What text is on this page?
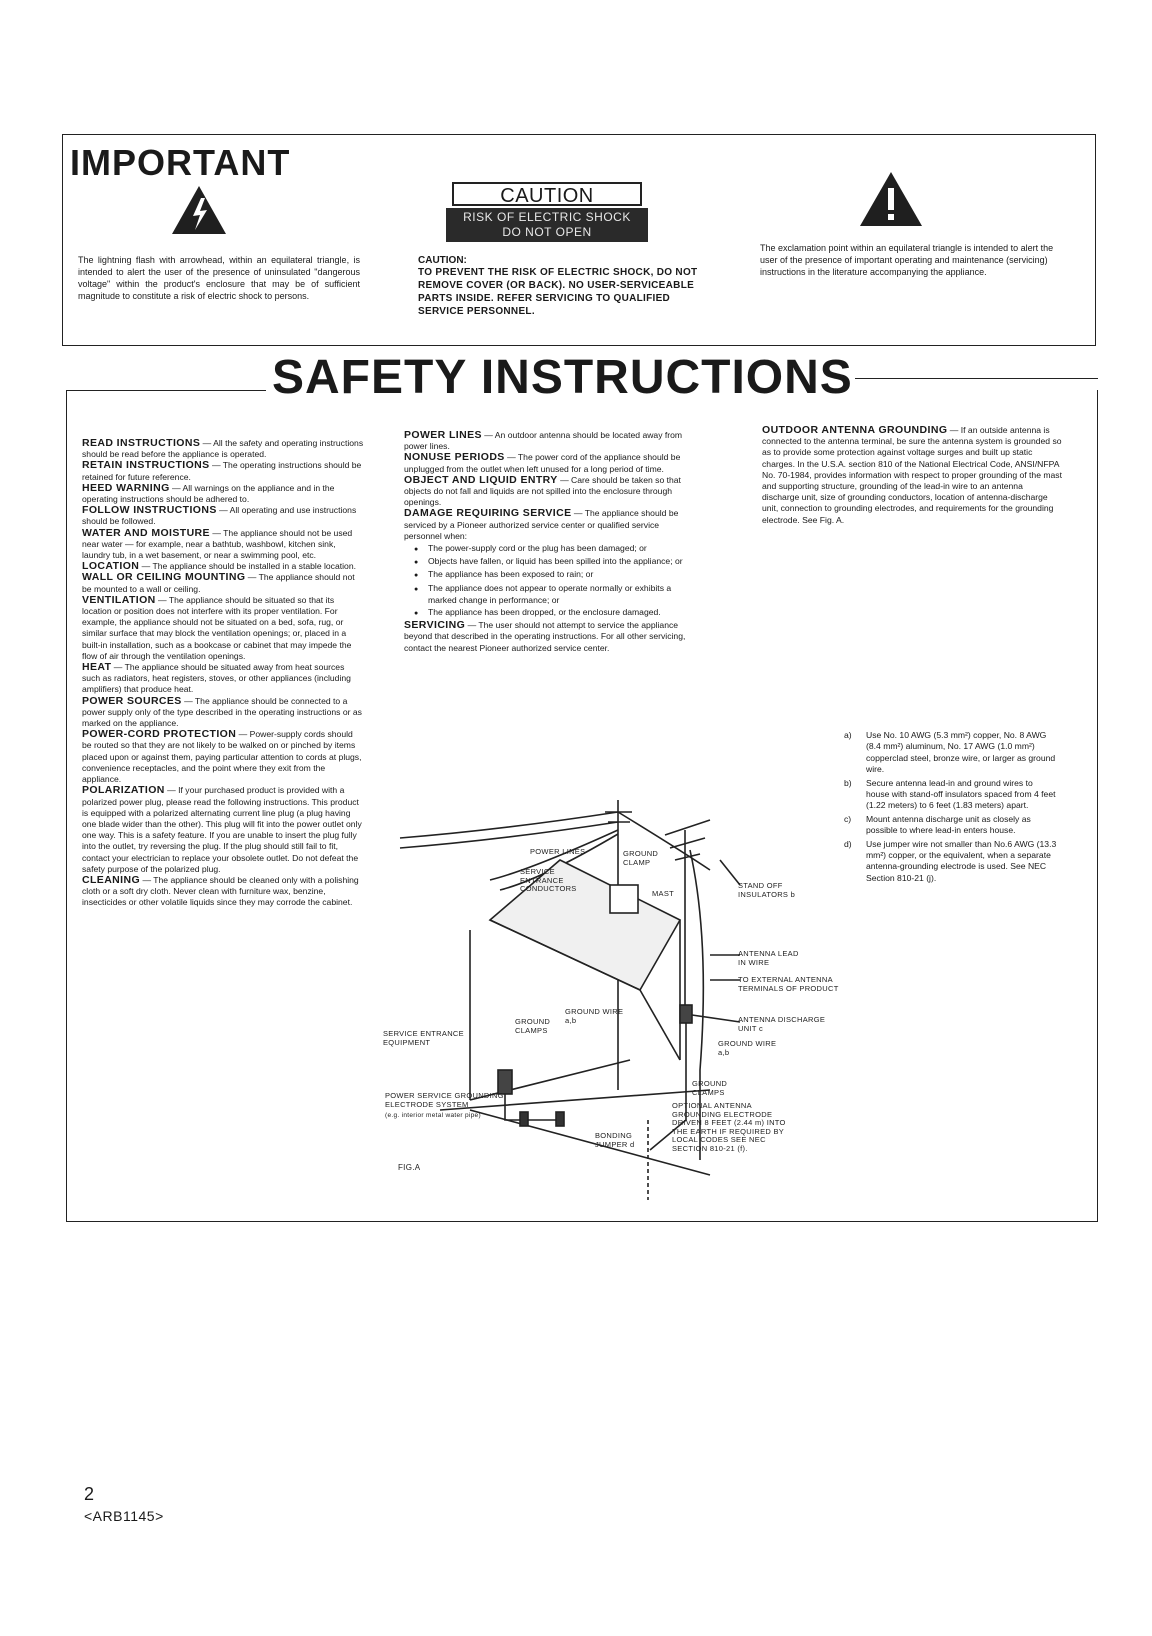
IMPORTANT
The lightning flash with arrowhead, within an equilateral triangle, is intended to alert the user of the presence of uninsulated "dangerous voltage" within the product's enclosure that may be of sufficient magnitude to constitute a risk of electric shock to persons.
CAUTION
RISK OF ELECTRIC SHOCK
DO NOT OPEN
CAUTION:
TO PREVENT THE RISK OF ELECTRIC SHOCK, DO NOT REMOVE COVER (OR BACK). NO USER-SERVICEABLE PARTS INSIDE. REFER SERVICING TO QUALIFIED SERVICE PERSONNEL.
The exclamation point within an equilateral triangle is intended to alert the user of the presence of important operating and maintenance (servicing) instructions in the literature accompanying the appliance.
SAFETY INSTRUCTIONS
READ INSTRUCTIONS — All the safety and operating instructions should be read before the appliance is operated.
RETAIN INSTRUCTIONS — The operating instructions should be retained for future reference.
HEED WARNING — All warnings on the appliance and in the operating instructions should be adhered to.
FOLLOW INSTRUCTIONS — All operating and use instructions should be followed.
WATER AND MOISTURE — The appliance should not be used near water — for example, near a bathtub, washbowl, kitchen sink, laundry tub, in a wet basement, or near a swimming pool, etc.
LOCATION — The appliance should be installed in a stable location.
WALL OR CEILING MOUNTING — The appliance should not be mounted to a wall or ceiling.
VENTILATION — The appliance should be situated so that its location or position does not interfere with its proper ventilation. For example, the appliance should not be situated on a bed, sofa, rug, or similar surface that may block the ventilation openings; or, placed in a built-in installation, such as a bookcase or cabinet that may impede the flow of air through the ventilation openings.
HEAT — The appliance should be situated away from heat sources such as radiators, heat registers, stoves, or other appliances (including amplifiers) that produce heat.
POWER SOURCES — The appliance should be connected to a power supply only of the type described in the operating instructions or as marked on the appliance.
POWER-CORD PROTECTION — Power-supply cords should be routed so that they are not likely to be walked on or pinched by items placed upon or against them, paying particular attention to cords at plugs, convenience receptacles, and the point where they exit from the appliance.
POLARIZATION — If your purchased product is provided with a polarized power plug, please read the following instructions. This product is equipped with a polarized alternating current line plug (a plug having one blade wider than the other). This plug will fit into the power outlet only one way. This is a safety feature. If you are unable to insert the plug fully into the outlet, try reversing the plug. If the plug should still fail to fit, contact your electrician to replace your obsolete outlet. Do not defeat the safety purpose of the polarized plug.
CLEANING — The appliance should be cleaned only with a polishing cloth or a soft dry cloth. Never clean with furniture wax, benzine, insecticides or other volatile liquids since they may corrode the cabinet.
POWER LINES — An outdoor antenna should be located away from power lines.
NONUSE PERIODS — The power cord of the appliance should be unplugged from the outlet when left unused for a long period of time.
OBJECT AND LIQUID ENTRY — Care should be taken so that objects do not fall and liquids are not spilled into the enclosure through openings.
DAMAGE REQUIRING SERVICE — The appliance should be serviced by a Pioneer authorized service center or qualified service personnel when:
● The power-supply cord or the plug has been damaged; or
● Objects have fallen, or liquid has been spilled into the appliance; or
● The appliance has been exposed to rain; or
● The appliance does not appear to operate normally or exhibits a marked change in performance; or
● The appliance has been dropped, or the enclosure damaged.
SERVICING — The user should not attempt to service the appliance beyond that described in the operating instructions. For all other servicing, contact the nearest Pioneer authorized service center.
OUTDOOR ANTENNA GROUNDING — If an outside antenna is connected to the antenna terminal, be sure the antenna system is grounded so as to provide some protection against voltage surges and built up static charges. In the U.S.A. section 810 of the National Electrical Code, ANSI/NFPA No. 70-1984, provides information with respect to proper grounding of the mast and supporting structure, grounding of the lead-in wire to an antenna discharge unit, size of grounding conductors, location of antenna-discharge unit, connection to grounding electrodes, and requirements for the grounding electrode. See Fig. A.
a)	Use No. 10 AWG (5.3 mm²) copper, No. 8 AWG (8.4 mm²) aluminum, No. 17 AWG (1.0 mm²) copperclad steel, bronze wire, or larger as ground wire.
b)	Secure antenna lead-in and ground wires to house with stand-off insulators spaced from 4 feet (1.22 meters) to 6 feet (1.83 meters) apart.
c)	Mount antenna discharge unit as closely as possible to where lead-in enters house.
d)	Use jumper wire not smaller than No.6 AWG (13.3 mm²) copper, or the equivalent, when a separate antenna-grounding electrode is used. See NEC Section 810-21 (j).
POWER LINES	GROUND CLAMP
SERVICE ENTRANCE CONDUCTORS
MAST
STAND OFF INSULATORS b
ANTENNA LEAD IN WIRE
TO EXTERNAL ANTENNA TERMINALS OF PRODUCT
GROUND WIRE a,b
GROUND CLAMPS
SERVICE ENTRANCE EQUIPMENT
ANTENNA DISCHARGE UNIT c
GROUND WIRE a,b
GROUND CLAMPS
POWER SERVICE GROUNDING ELECTRODE SYSTEM
(e.g. interior metal water pipe)
BONDING JUMPER d
OPTIONAL ANTENNA GROUNDING ELECTRODE DRIVEN 8 FEET (2.44 m) INTO THE EARTH IF REQUIRED BY LOCAL CODES SEE NEC SECTION 810-21 (f).
FIG.A
2
<ARB1145>
